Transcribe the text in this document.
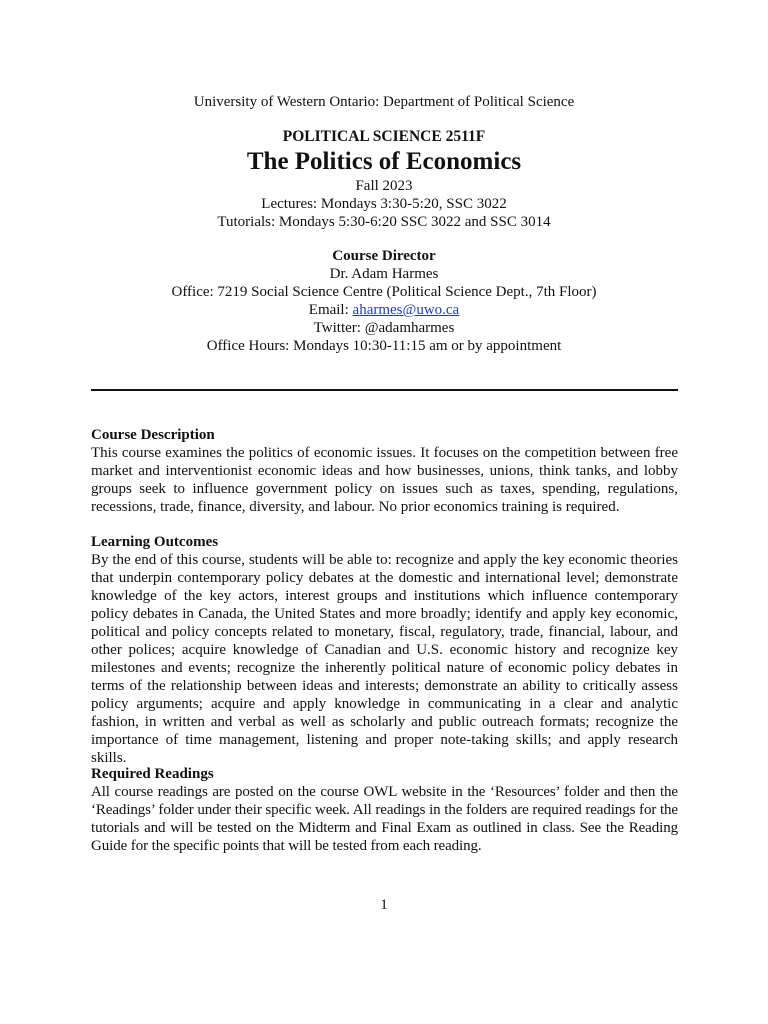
University of Western Ontario: Department of Political Science
POLITICAL SCIENCE 2511F
The Politics of Economics
Fall 2023
Lectures: Mondays 3:30-5:20, SSC 3022
Tutorials: Mondays 5:30-6:20 SSC 3022 and SSC 3014
Course Director
Dr. Adam Harmes
Office: 7219 Social Science Centre (Political Science Dept., 7th Floor)
Email: aharmes@uwo.ca
Twitter: @adamharmes
Office Hours: Mondays 10:30-11:15 am or by appointment
Course Description

This course examines the politics of economic issues. It focuses on the competition between free market and interventionist economic ideas and how businesses, unions, think tanks, and lobby groups seek to influence government policy on issues such as taxes, spending, regulations, recessions, trade, finance, diversity, and labour. No prior economics training is required.

Learning Outcomes

By the end of this course, students will be able to: recognize and apply the key economic theories that underpin contemporary policy debates at the domestic and international level; demonstrate knowledge of the key actors, interest groups and institutions which influence contemporary policy debates in Canada, the United States and more broadly; identify and apply key economic, political and policy concepts related to monetary, fiscal, regulatory, trade, financial, labour, and other polices; acquire knowledge of Canadian and U.S. economic history and recognize key milestones and events; recognize the inherently political nature of economic policy debates in terms of the relationship between ideas and interests; demonstrate an ability to critically assess policy arguments; acquire and apply knowledge in communicating in a clear and analytic fashion, in written and verbal as well as scholarly and public outreach formats; recognize the importance of time management, listening and proper note-taking skills; and apply research skills.

Required Readings

All course readings are posted on the course OWL website in the ‘Resources’ folder and then the ‘Readings’ folder under their specific week. All readings in the folders are required readings for the tutorials and will be tested on the Midterm and Final Exam as outlined in class. See the Reading Guide for the specific points that will be tested from each reading.

1
